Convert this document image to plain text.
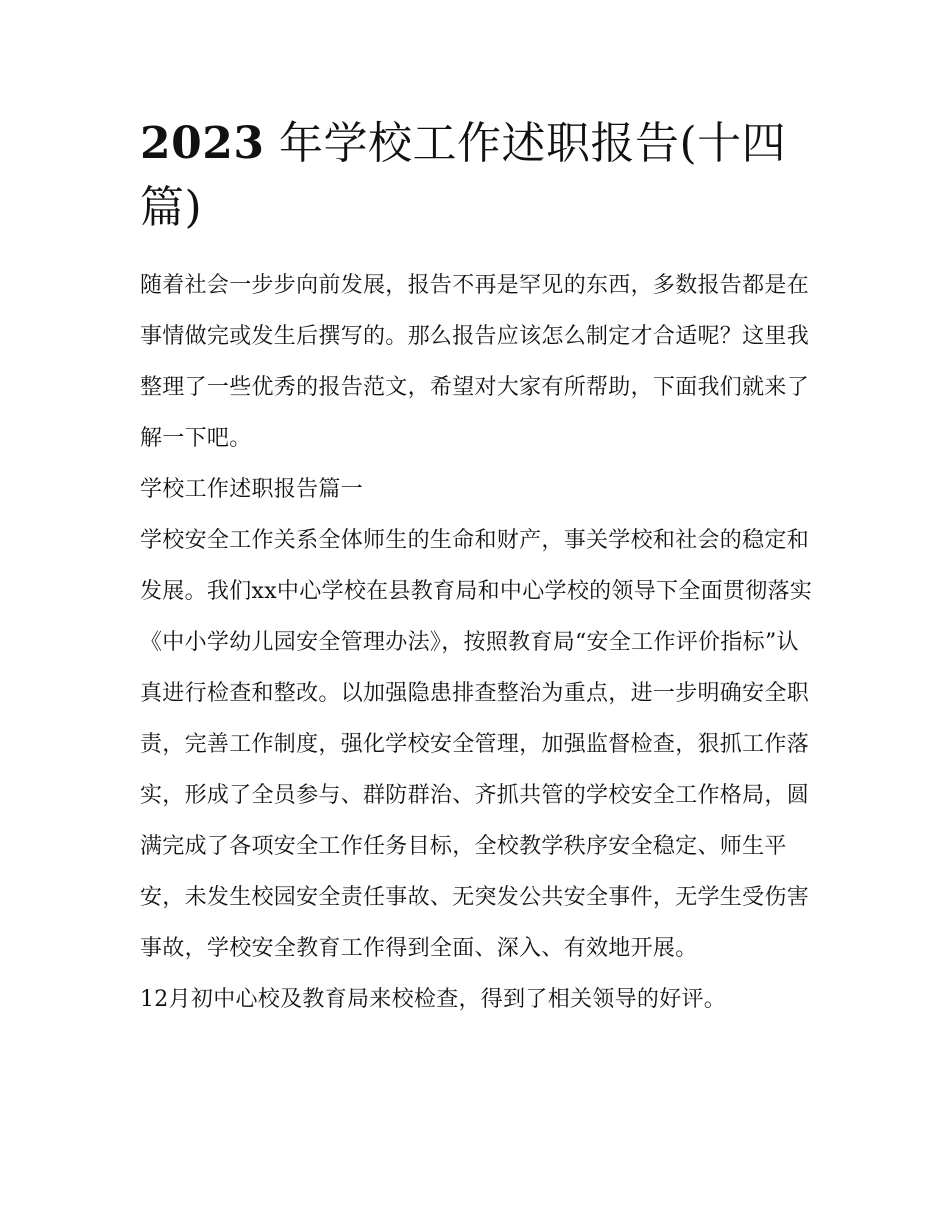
2023 年学校工作述职报告(十四篇)

随着社会一步步向前发展，报告不再是罕见的东西，多数报告都是在事情做完或发生后撰写的。那么报告应该怎么制定才合适呢？这里我整理了一些优秀的报告范文，希望对大家有所帮助，下面我们就来了解一下吧。

学校工作述职报告篇一

学校安全工作关系全体师生的生命和财产，事关学校和社会的稳定和发展。我们xx中心学校在县教育局和中心学校的领导下全面贯彻落实《中小学幼儿园安全管理办法》，按照教育局“安全工作评价指标”认真进行检查和整改。以加强隐患排查整治为重点，进一步明确安全职责，完善工作制度，强化学校安全管理，加强监督检查，狠抓工作落实，形成了全员参与、群防群治、齐抓共管的学校安全工作格局，圆满完成了各项安全工作任务目标，全校教学秩序安全稳定、师生平安，未发生校园安全责任事故、无突发公共安全事件，无学生受伤害事故，学校安全教育工作得到全面、深入、有效地开展。

12月初中心校及教育局来校检查，得到了相关领导的好评。
